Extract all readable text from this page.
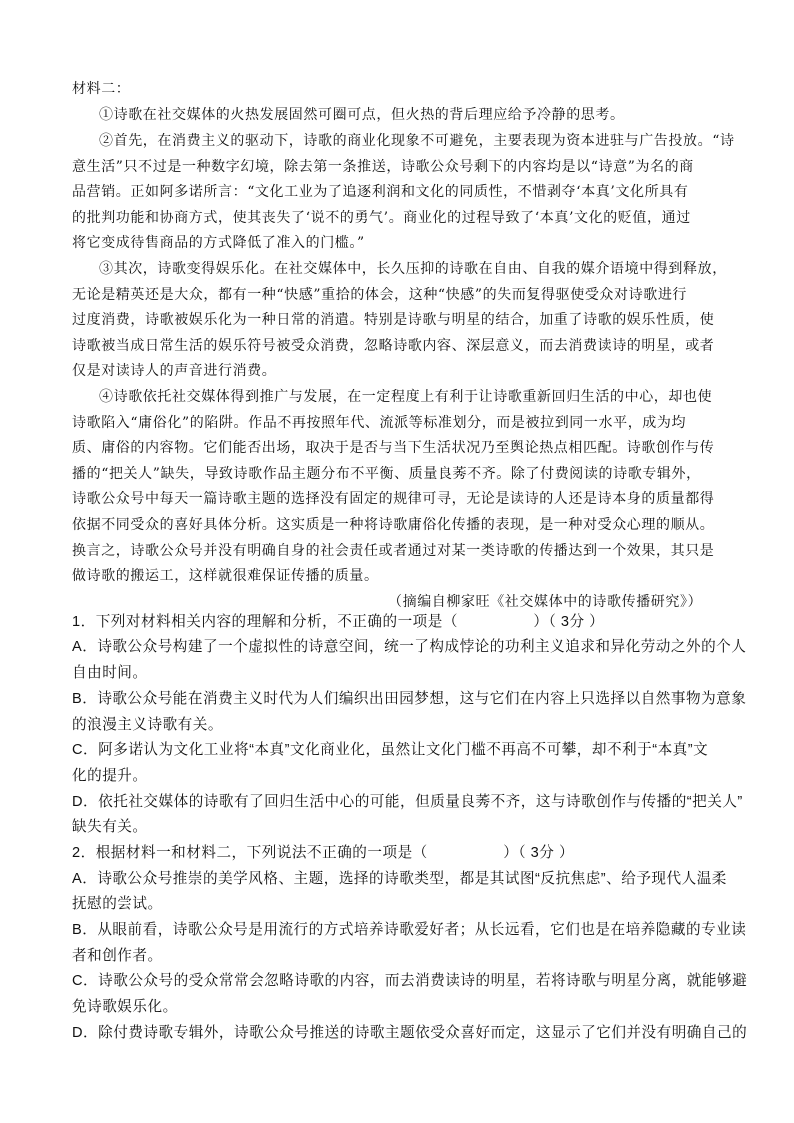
材料二：
①诗歌在社交媒体的火热发展固然可圈可点，但火热的背后理应给予冷静的思考。
②首先，在消费主义的驱动下，诗歌的商业化现象不可避免，主要表现为资本进驻与广告投放。“诗
意生活”只不过是一种数字幻境，除去第一条推送，诗歌公众号剩下的内容均是以“诗意”为名的商
品营销。正如阿多诺所言：“文化工业为了追逐利润和文化的同质性，不惜剥夺‘本真’文化所具有
的批判功能和协商方式，使其丧失了‘说不的勇气’。商业化的过程导致了‘本真’文化的贬值，通过
将它变成待售商品的方式降低了准入的门槛。”
③其次，诗歌变得娱乐化。在社交媒体中，长久压抑的诗歌在自由、自我的媒介语境中得到释放，
无论是精英还是大众，都有一种“快感”重拾的体会，这种“快感”的失而复得驱使受众对诗歌进行
过度消费，诗歌被娱乐化为一种日常的消遣。特别是诗歌与明星的结合，加重了诗歌的娱乐性质，使
诗歌被当成日常生活的娱乐符号被受众消费，忽略诗歌内容、深层意义，而去消费读诗的明星，或者
仅是对读诗人的声音进行消费。
④诗歌依托社交媒体得到推广与发展，在一定程度上有利于让诗歌重新回归生活的中心，却也使
诗歌陷入“庸俗化”的陷阱。作品不再按照年代、流派等标准划分，而是被拉到同一水平，成为均
质、庸俗的内容物。它们能否出场，取决于是否与当下生活状况乃至舆论热点相匹配。诗歌创作与传
播的“把关人”缺失，导致诗歌作品主题分布不平衡、质量良莠不齐。除了付费阅读的诗歌专辑外，
诗歌公众号中每天一篇诗歌主题的选择没有固定的规律可寻，无论是读诗的人还是诗本身的质量都得
依据不同受众的喜好具体分析。这实质是一种将诗歌庸俗化传播的表现，是一种对受众心理的顺从。
换言之，诗歌公众号并没有明确自身的社会责任或者通过对某一类诗歌的传播达到一个效果，其只是
做诗歌的搬运工，这样就很难保证传播的质量。
（摘编自柳家旺《社交媒体中的诗歌传播研究》）
1．下列对材料相关内容的理解和分析，不正确的一项是（　　　　　）（ 3分 ）
A．诗歌公众号构建了一个虚拟性的诗意空间，统一了构成悖论的功利主义追求和异化劳动之外的个人
自由时间。
B．诗歌公众号能在消费主义时代为人们编织出田园梦想，这与它们在内容上只选择以自然事物为意象
的浪漫主义诗歌有关。
C．阿多诺认为文化工业将“本真”文化商业化，虽然让文化门槛不再高不可攀，却不利于“本真”文
化的提升。
D．依托社交媒体的诗歌有了回归生活中心的可能，但质量良莠不齐，这与诗歌创作与传播的“把关人”
缺失有关。
2．根据材料一和材料二，下列说法不正确的一项是（　　　　　）（ 3分 ）
A．诗歌公众号推崇的美学风格、主题，选择的诗歌类型，都是其试图“反抗焦虑”、给予现代人温柔
抚慰的尝试。
B．从眼前看，诗歌公众号是用流行的方式培养诗歌爱好者；从长远看，它们也是在培养隐藏的专业读
者和创作者。
C．诗歌公众号的受众常常会忽略诗歌的内容，而去消费读诗的明星，若将诗歌与明星分离，就能够避
免诗歌娱乐化。
D．除付费诗歌专辑外，诗歌公众号推送的诗歌主题依受众喜好而定，这显示了它们并没有明确自己的
